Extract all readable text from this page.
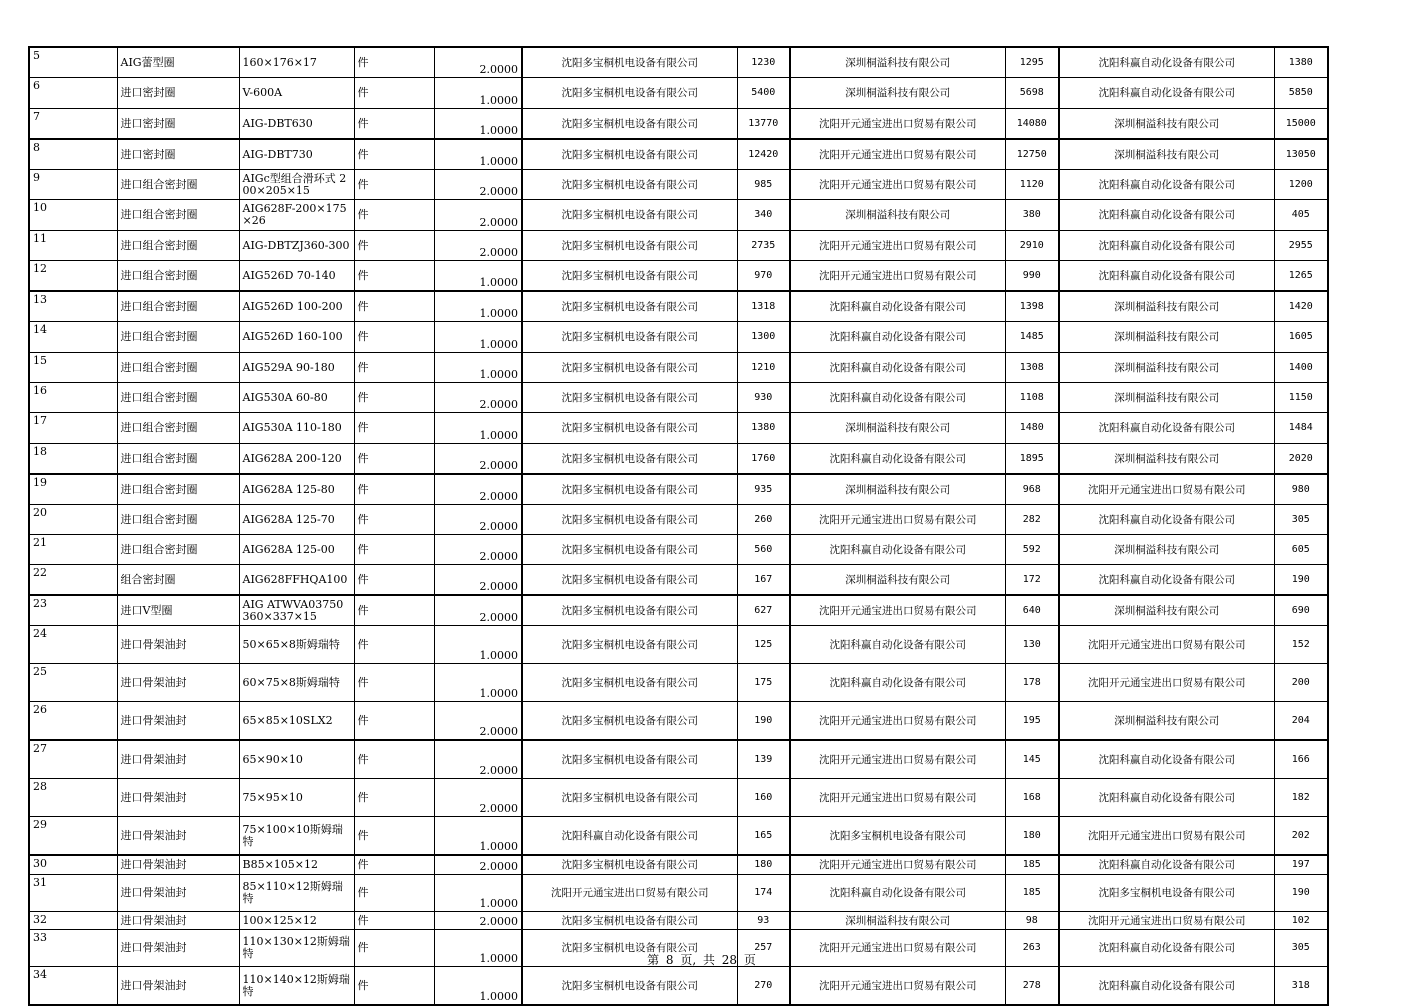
5	AIG蕾型圈	160×176×17	件	2.0000	沈阳多宝桐机电设备有限公司	1230	深圳桐溢科技有限公司	1295	沈阳科赢自动化设备有限公司	1380
6	进口密封圈	V-600A	件	1.0000	沈阳多宝桐机电设备有限公司	5400	深圳桐溢科技有限公司	5698	沈阳科赢自动化设备有限公司	5850
7	进口密封圈	AIG-DBT630	件	1.0000	沈阳多宝桐机电设备有限公司	13770	沈阳开元通宝进出口贸易有限公司	14080	深圳桐溢科技有限公司	15000
8	进口密封圈	AIG-DBT730	件	1.0000	沈阳多宝桐机电设备有限公司	12420	沈阳开元通宝进出口贸易有限公司	12750	深圳桐溢科技有限公司	13050
9	进口组合密封圈	AIGc型组合滑环式 200×205×15	件	2.0000	沈阳多宝桐机电设备有限公司	985	沈阳开元通宝进出口贸易有限公司	1120	沈阳科赢自动化设备有限公司	1200
10	进口组合密封圈	AIG628F-200×175×26	件	2.0000	沈阳多宝桐机电设备有限公司	340	深圳桐溢科技有限公司	380	沈阳科赢自动化设备有限公司	405
11	进口组合密封圈	AIG-DBTZJ360-300	件	2.0000	沈阳多宝桐机电设备有限公司	2735	沈阳开元通宝进出口贸易有限公司	2910	沈阳科赢自动化设备有限公司	2955
12	进口组合密封圈	AIG526D 70-140	件	1.0000	沈阳多宝桐机电设备有限公司	970	沈阳开元通宝进出口贸易有限公司	990	沈阳科赢自动化设备有限公司	1265
13	进口组合密封圈	AIG526D 100-200	件	1.0000	沈阳多宝桐机电设备有限公司	1318	沈阳科赢自动化设备有限公司	1398	深圳桐溢科技有限公司	1420
14	进口组合密封圈	AIG526D 160-100	件	1.0000	沈阳多宝桐机电设备有限公司	1300	沈阳科赢自动化设备有限公司	1485	深圳桐溢科技有限公司	1605
15	进口组合密封圈	AIG529A 90-180	件	1.0000	沈阳多宝桐机电设备有限公司	1210	沈阳科赢自动化设备有限公司	1308	深圳桐溢科技有限公司	1400
16	进口组合密封圈	AIG530A 60-80	件	2.0000	沈阳多宝桐机电设备有限公司	930	沈阳科赢自动化设备有限公司	1108	深圳桐溢科技有限公司	1150
17	进口组合密封圈	AIG530A 110-180	件	1.0000	沈阳多宝桐机电设备有限公司	1380	深圳桐溢科技有限公司	1480	沈阳科赢自动化设备有限公司	1484
18	进口组合密封圈	AIG628A 200-120	件	2.0000	沈阳多宝桐机电设备有限公司	1760	沈阳科赢自动化设备有限公司	1895	深圳桐溢科技有限公司	2020
19	进口组合密封圈	AIG628A 125-80	件	2.0000	沈阳多宝桐机电设备有限公司	935	深圳桐溢科技有限公司	968	沈阳开元通宝进出口贸易有限公司	980
20	进口组合密封圈	AIG628A 125-70	件	2.0000	沈阳多宝桐机电设备有限公司	260	沈阳开元通宝进出口贸易有限公司	282	沈阳科赢自动化设备有限公司	305
21	进口组合密封圈	AIG628A 125-00	件	2.0000	沈阳多宝桐机电设备有限公司	560	沈阳科赢自动化设备有限公司	592	深圳桐溢科技有限公司	605
22	组合密封圈	AIG628FFHQA100	件	2.0000	沈阳多宝桐机电设备有限公司	167	深圳桐溢科技有限公司	172	沈阳科赢自动化设备有限公司	190
23	进口V型圈	AIG ATWVA03750 360×337×15	件	2.0000	沈阳多宝桐机电设备有限公司	627	沈阳开元通宝进出口贸易有限公司	640	深圳桐溢科技有限公司	690
24	进口骨架油封	50×65×8斯姆瑞特	件	1.0000	沈阳多宝桐机电设备有限公司	125	沈阳科赢自动化设备有限公司	130	沈阳开元通宝进出口贸易有限公司	152
25	进口骨架油封	60×75×8斯姆瑞特	件	1.0000	沈阳多宝桐机电设备有限公司	175	沈阳科赢自动化设备有限公司	178	沈阳开元通宝进出口贸易有限公司	200
26	进口骨架油封	65×85×10SLX2	件	2.0000	沈阳多宝桐机电设备有限公司	190	沈阳开元通宝进出口贸易有限公司	195	深圳桐溢科技有限公司	204
27	进口骨架油封	65×90×10	件	2.0000	沈阳多宝桐机电设备有限公司	139	沈阳开元通宝进出口贸易有限公司	145	沈阳科赢自动化设备有限公司	166
28	进口骨架油封	75×95×10	件	2.0000	沈阳多宝桐机电设备有限公司	160	沈阳开元通宝进出口贸易有限公司	168	沈阳科赢自动化设备有限公司	182
29	进口骨架油封	75×100×10斯姆瑞特	件	1.0000	沈阳科赢自动化设备有限公司	165	沈阳多宝桐机电设备有限公司	180	沈阳开元通宝进出口贸易有限公司	202
30	进口骨架油封	B85×105×12	件	2.0000	沈阳多宝桐机电设备有限公司	180	沈阳开元通宝进出口贸易有限公司	185	沈阳科赢自动化设备有限公司	197
31	进口骨架油封	85×110×12斯姆瑞特	件	1.0000	沈阳开元通宝进出口贸易有限公司	174	沈阳科赢自动化设备有限公司	185	沈阳多宝桐机电设备有限公司	190
32	进口骨架油封	100×125×12	件	2.0000	沈阳多宝桐机电设备有限公司	93	深圳桐溢科技有限公司	98	沈阳开元通宝进出口贸易有限公司	102
33	进口骨架油封	110×130×12斯姆瑞特	件	1.0000	沈阳多宝桐机电设备有限公司	257	沈阳开元通宝进出口贸易有限公司	263	沈阳科赢自动化设备有限公司	305
34	进口骨架油封	110×140×12斯姆瑞特	件	1.0000	沈阳多宝桐机电设备有限公司	270	沈阳开元通宝进出口贸易有限公司	278	沈阳科赢自动化设备有限公司	318
第 8 页, 共 28 页
